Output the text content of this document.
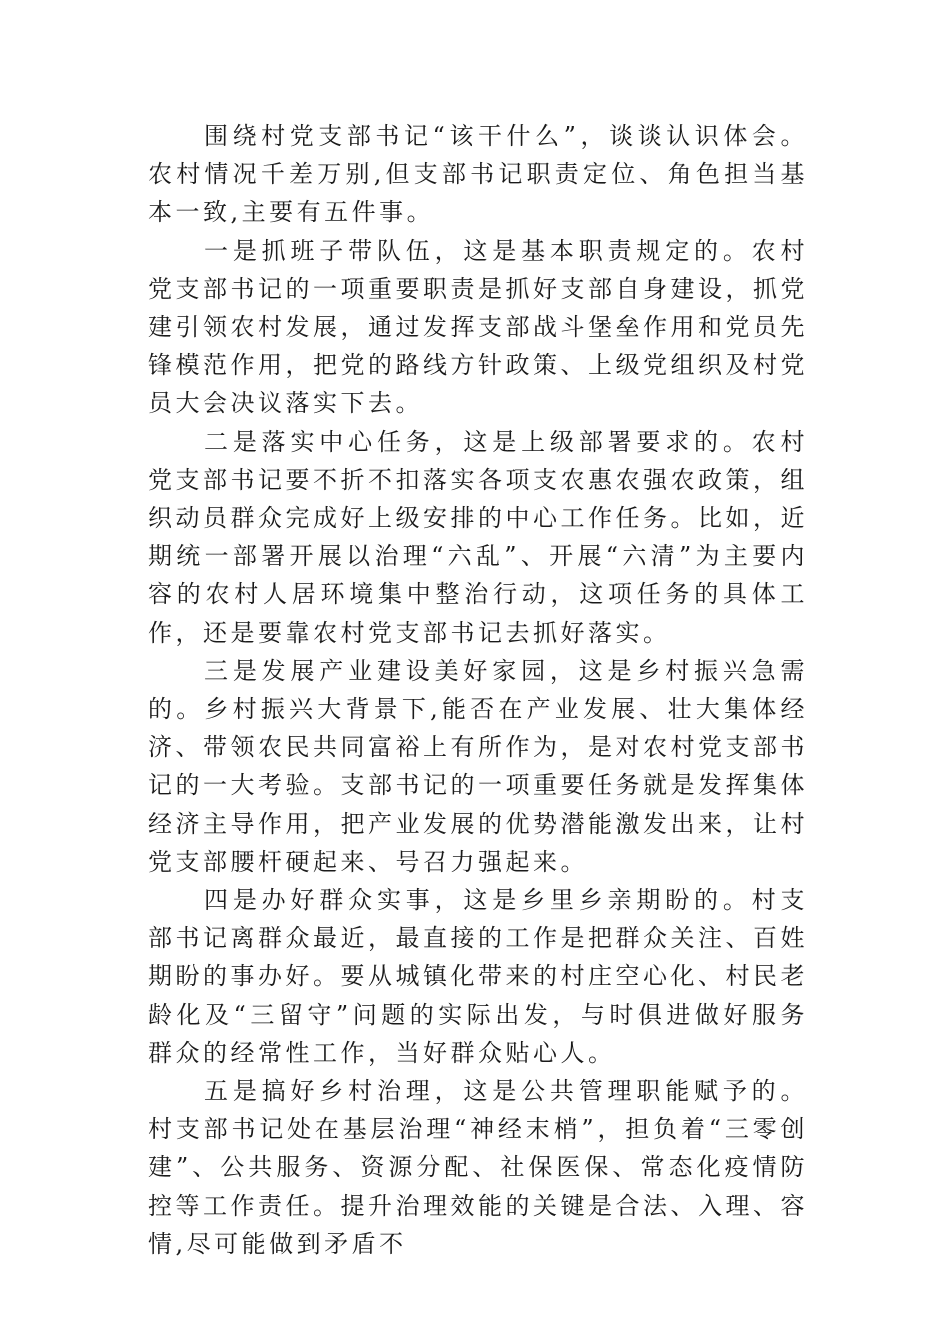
围绕村党支部书记“该干什么”，谈谈认识体会。农村情况千差万别,但支部书记职责定位、角色担当基本一致,主要有五件事。

一是抓班子带队伍，这是基本职责规定的。农村党支部书记的一项重要职责是抓好支部自身建设，抓党建引领农村发展，通过发挥支部战斗堡垒作用和党员先锋模范作用，把党的路线方针政策、上级党组织及村党员大会决议落实下去。

二是落实中心任务，这是上级部署要求的。农村党支部书记要不折不扣落实各项支农惠农强农政策，组织动员群众完成好上级安排的中心工作任务。比如，近期统一部署开展以治理“六乱”、开展“六清”为主要内容的农村人居环境集中整治行动，这项任务的具体工作，还是要靠农村党支部书记去抓好落实。

三是发展产业建设美好家园，这是乡村振兴急需的。乡村振兴大背景下,能否在产业发展、壮大集体经济、带领农民共同富裕上有所作为，是对农村党支部书记的一大考验。支部书记的一项重要任务就是发挥集体经济主导作用，把产业发展的优势潜能激发出来，让村党支部腰杆硬起来、号召力强起来。

四是办好群众实事，这是乡里乡亲期盼的。村支部书记离群众最近，最直接的工作是把群众关注、百姓期盼的事办好。要从城镇化带来的村庄空心化、村民老龄化及“三留守”问题的实际出发，与时俱进做好服务群众的经常性工作，当好群众贴心人。

五是搞好乡村治理，这是公共管理职能赋予的。村支部书记处在基层治理“神经末梢”，担负着“三零创建”、公共服务、资源分配、社保医保、常态化疫情防控等工作责任。提升治理效能的关键是合法、入理、容情,尽可能做到矛盾不
